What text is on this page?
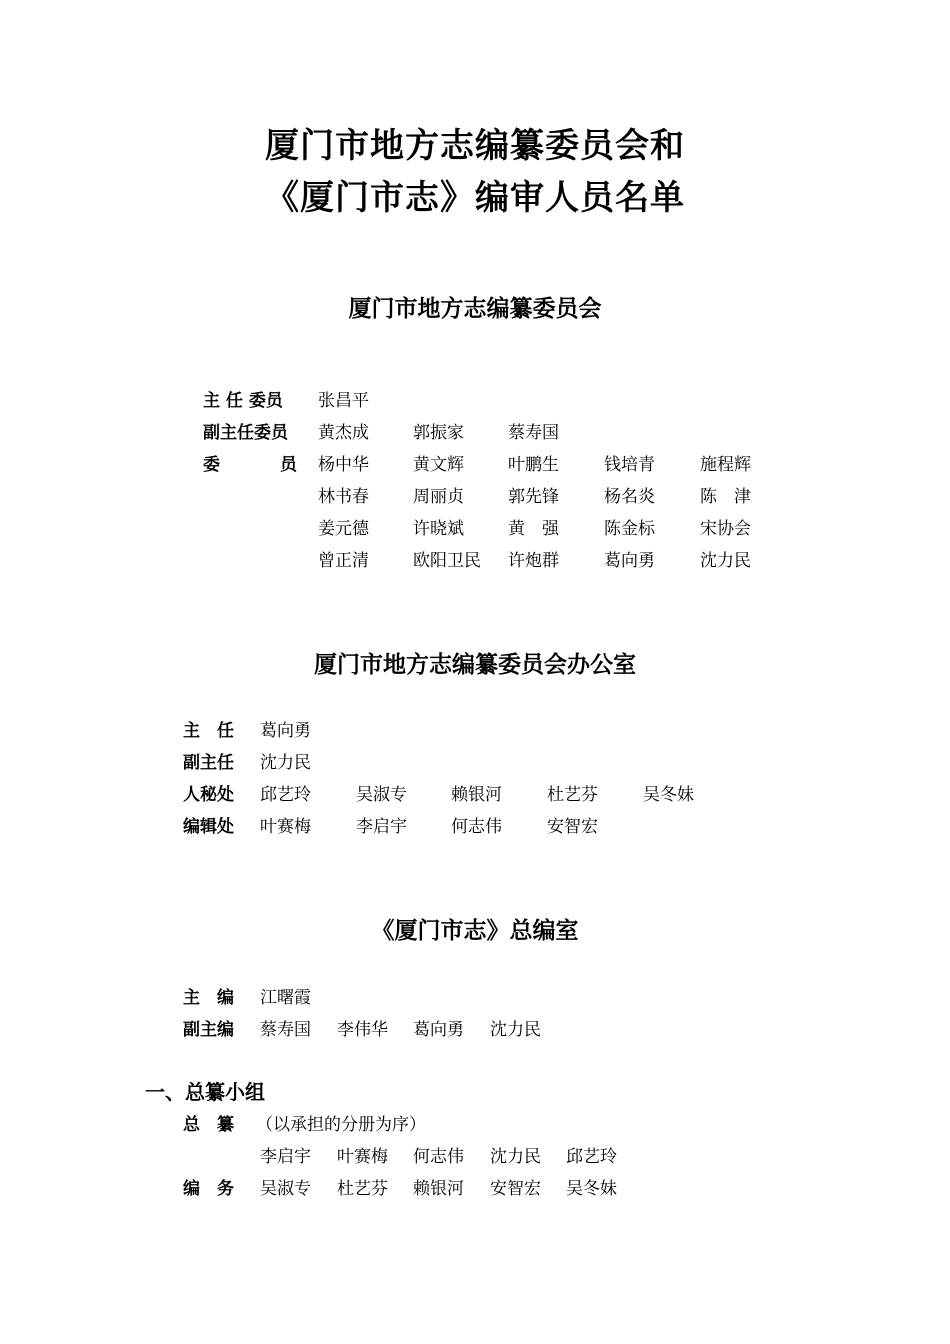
厦门市地方志编纂委员会和
《厦门市志》编审人员名单
厦门市地方志编纂委员会
主 任 委员 张昌平
副主任委员 黄杰成	郭振家	蔡寿国
委	员 杨中华	黄文辉	叶鹏生	钱培青	施程辉
林书春	周丽贞	郭先锋	杨名炎	陈　津
姜元德	许晓斌	黄　强	陈金标	宋协会
曾正清	欧阳卫民 许炮群	葛向勇	沈力民
厦门市地方志编纂委员会办公室
主　任 葛向勇
副主任 沈力民
人秘处 邱艺玲	吴淑专	赖银河	杜艺芬	吴冬妹
编辑处 叶赛梅	李启宇	何志伟	安智宏
《厦门市志》总编室
主　编 江曙霞
副主编 蔡寿国 李伟华 葛向勇 沈力民
一、总纂小组
总　纂 （以承担的分册为序）
李启宇 叶赛梅 何志伟 沈力民 邱艺玲
编　务 吴淑专 杜艺芬 赖银河 安智宏 吴冬妹
